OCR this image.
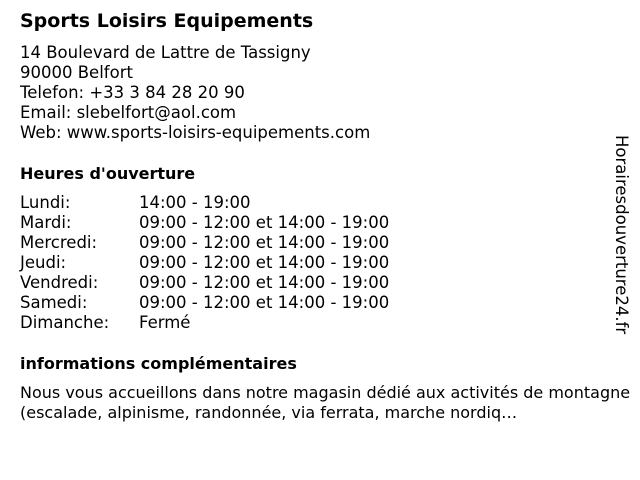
Sports Loisirs Equipements
14 Boulevard de Lattre de Tassigny
90000 Belfort
Telefon: +33 3 84 28 20 90
Email: slebelfort@aol.com
Web: www.sports-loisirs-equipements.com
Heures d'ouverture
Lundi:	14:00 - 19:00
Mardi:	09:00 - 12:00 et 14:00 - 19:00
Mercredi:	09:00 - 12:00 et 14:00 - 19:00
Jeudi:	09:00 - 12:00 et 14:00 - 19:00
Vendredi: 09:00 - 12:00 et 14:00 - 19:00
Samedi:	09:00 - 12:00 et 14:00 - 19:00
Dimanche: Fermé
informations complémentaires
Nous vous accueillons dans notre magasin dédié aux activités de montagne (escalade, alpinisme, randonnée, via ferrata, marche nordiq…
Horairesdouverture24.fr
